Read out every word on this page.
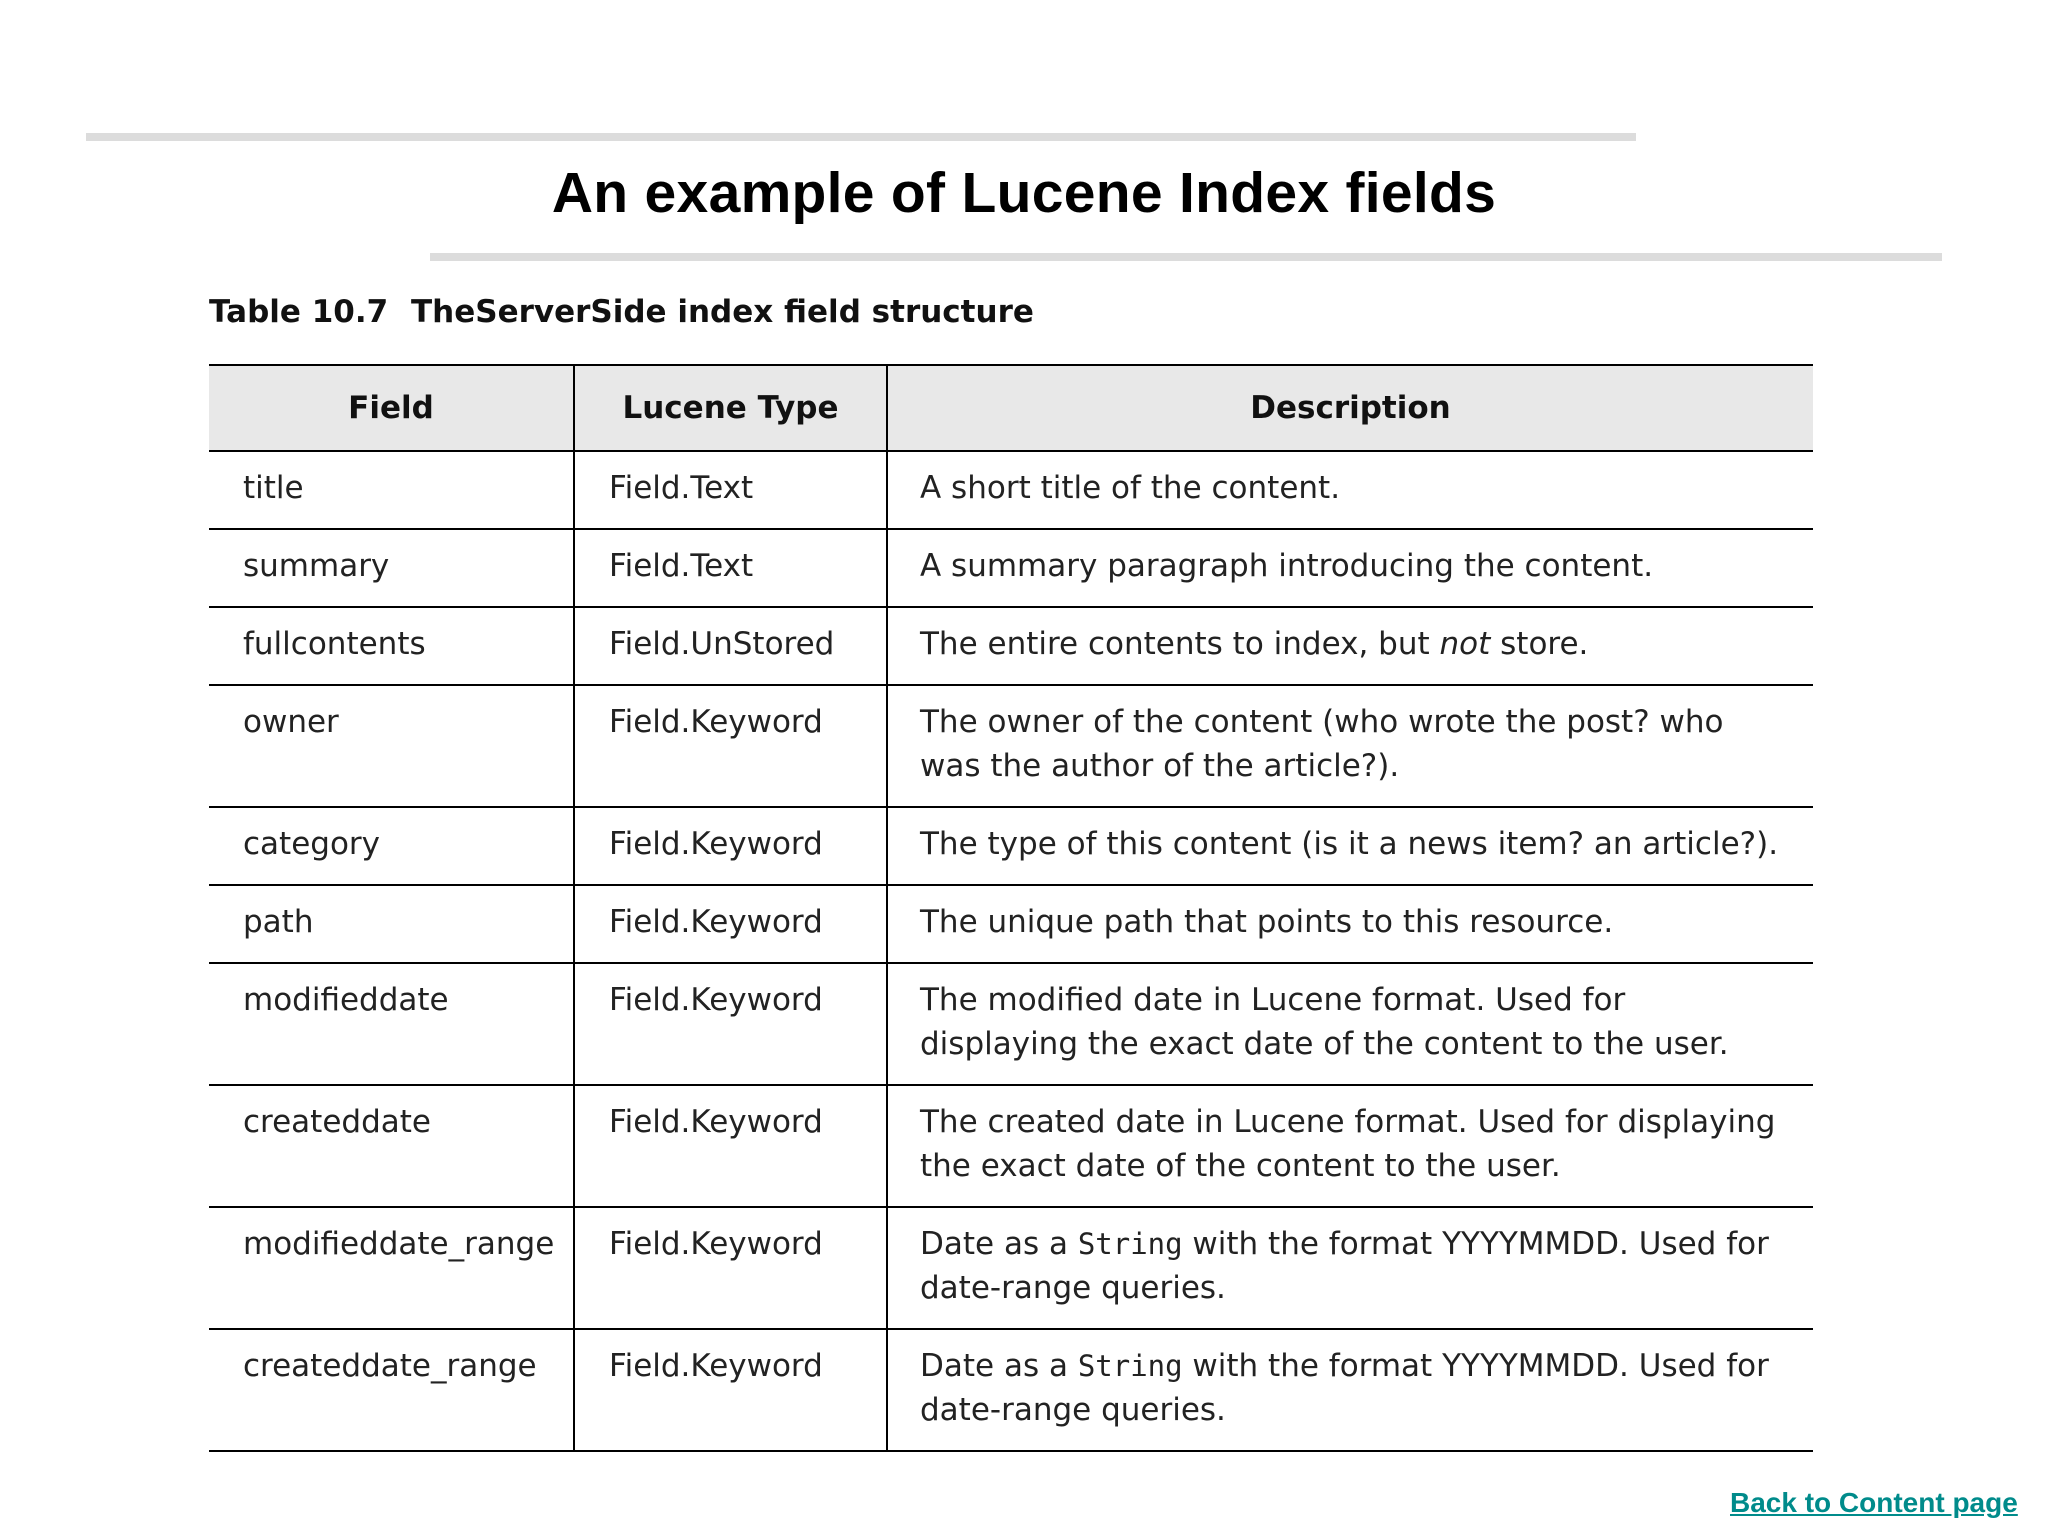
An example of Lucene Index fields
Table 10.7 TheServerSide index field structure
Field	Lucene Type	Description
title	Field.Text	A short title of the content.
summary	Field.Text	A summary paragraph introducing the content.
fullcontents	Field.UnStored	The entire contents to index, but not store.
owner	Field.Keyword	The owner of the content (who wrote the post? who was the author of the article?).
category	Field.Keyword	The type of this content (is it a news item? an article?).
path	Field.Keyword	The unique path that points to this resource.
modifieddate	Field.Keyword	The modified date in Lucene format. Used for displaying the exact date of the content to the user.
createddate	Field.Keyword	The created date in Lucene format. Used for displaying the exact date of the content to the user.
modifieddate_range	Field.Keyword	Date as a String with the format YYYYMMDD. Used for date-range queries.
createddate_range	Field.Keyword	Date as a String with the format YYYYMMDD. Used for date-range queries.
Back to Content page
